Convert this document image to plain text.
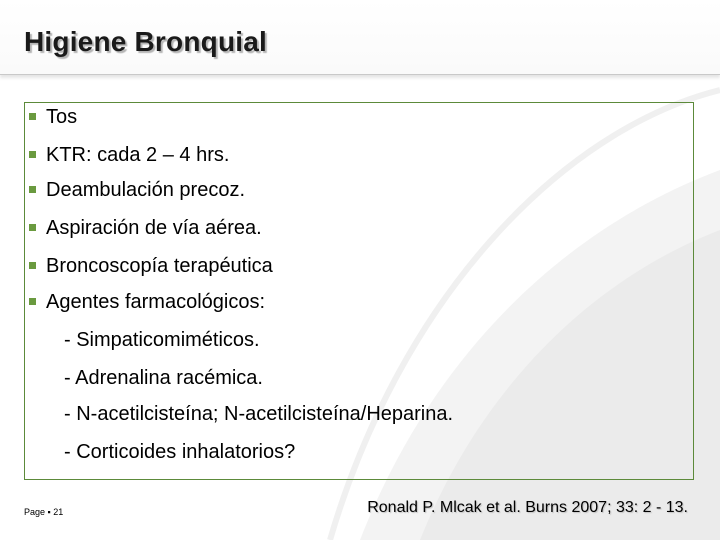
Higiene Bronquial
Tos
KTR: cada 2 – 4 hrs.
Deambulación precoz.
Aspiración de vía aérea.
Broncoscopía terapéutica
Agentes farmacológicos:
- Simpaticomiméticos.
- Adrenalina racémica.
- N-acetilcisteína; N-acetilcisteína/Heparina.
- Corticoides inhalatorios?
Page ▪ 21	Ronald P. Mlcak et al. Burns 2007; 33: 2 - 13.
